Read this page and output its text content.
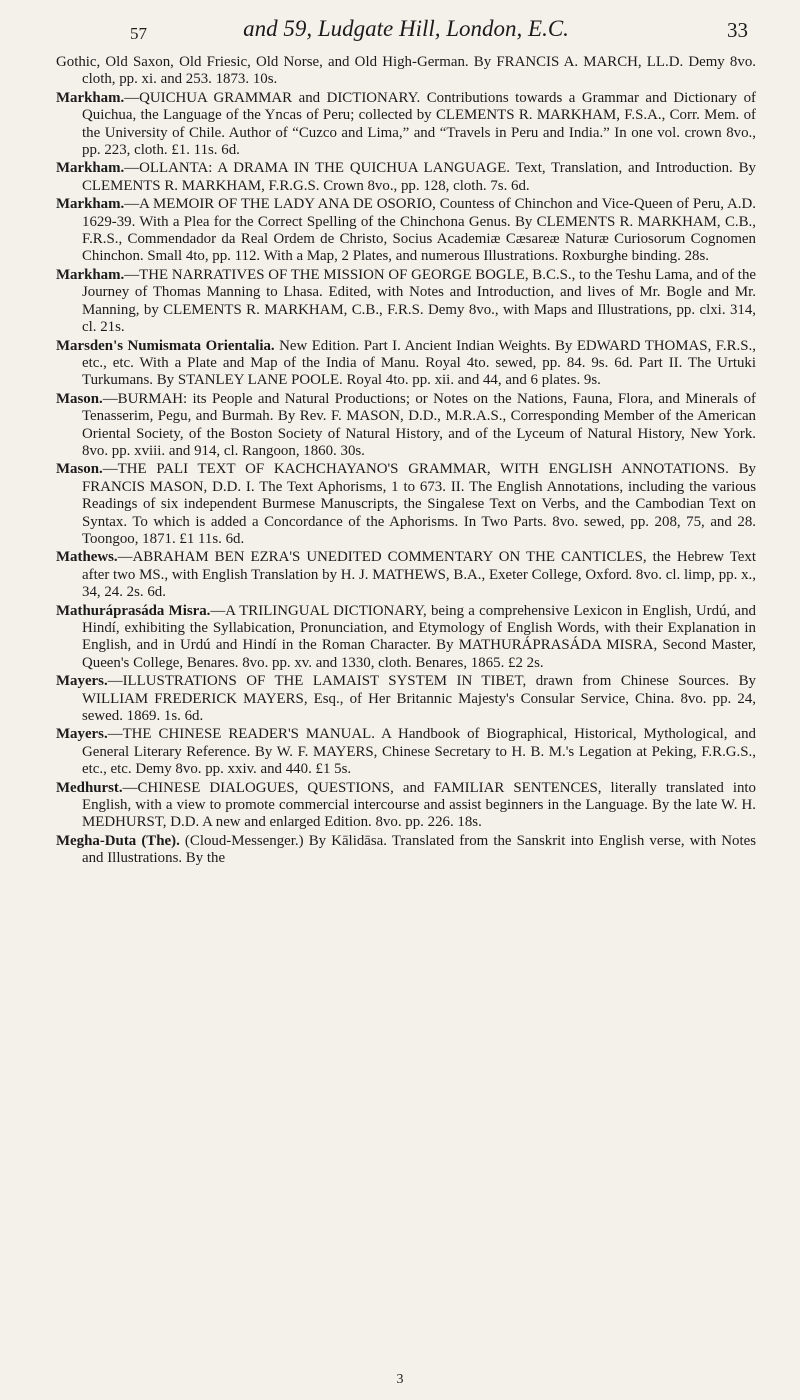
57	and 59, Ludgate Hill, London, E.C.	33

Gothic, Old Saxon, Old Friesic, Old Norse, and Old High-German. By FRANCIS A. MARCH, LL.D. Demy 8vo. cloth, pp. xi. and 253. 1873. 10s.

Markham.—QUICHUA GRAMMAR and DICTIONARY. Contributions towards a Grammar and Dictionary of Quichua, the Language of the Yncas of Peru; collected by CLEMENTS R. MARKHAM, F.S.A., Corr. Mem. of the University of Chile. Author of “Cuzco and Lima,” and “Travels in Peru and India.” In one vol. crown 8vo., pp. 223, cloth. £1. 11s. 6d.

Markham.—OLLANTA: A DRAMA IN THE QUICHUA LANGUAGE. Text, Translation, and Introduction. By CLEMENTS R. MARKHAM, F.R.G.S. Crown 8vo., pp. 128, cloth. 7s. 6d.

Markham.—A MEMOIR OF THE LADY ANA DE OSORIO, Countess of Chinchon and Vice-Queen of Peru, A.D. 1629-39. With a Plea for the Correct Spelling of the Chinchona Genus. By CLEMENTS R. MARKHAM, C.B., F.R.S., Commendador da Real Ordem de Christo, Socius Academiæ Cæsareæ Naturæ Curiosorum Cognomen Chinchon. Small 4to, pp. 112. With a Map, 2 Plates, and numerous Illustrations. Roxburghe binding. 28s.

Markham.—THE NARRATIVES OF THE MISSION OF GEORGE BOGLE, B.C.S., to the Teshu Lama, and of the Journey of Thomas Manning to Lhasa. Edited, with Notes and Introduction, and lives of Mr. Bogle and Mr. Manning, by CLEMENTS R. MARKHAM, C.B., F.R.S. Demy 8vo., with Maps and Illustrations, pp. clxi. 314, cl. 21s.

Marsden's Numismata Orientalia. New Edition. Part I. Ancient Indian Weights. By EDWARD THOMAS, F.R.S., etc., etc. With a Plate and Map of the India of Manu. Royal 4to. sewed, pp. 84. 9s. 6d. Part II. The Urtuki Turkumans. By STANLEY LANE POOLE. Royal 4to. pp. xii. and 44, and 6 plates. 9s.

Mason.—BURMAH: its People and Natural Productions; or Notes on the Nations, Fauna, Flora, and Minerals of Tenasserim, Pegu, and Burmah. By Rev. F. MASON, D.D., M.R.A.S., Corresponding Member of the American Oriental Society, of the Boston Society of Natural History, and of the Lyceum of Natural History, New York. 8vo. pp. xviii. and 914, cl. Rangoon, 1860. 30s.

Mason.—THE PALI TEXT OF KACHCHAYANO'S GRAMMAR, WITH ENGLISH ANNOTATIONS. By FRANCIS MASON, D.D. I. The Text Aphorisms, 1 to 673. II. The English Annotations, including the various Readings of six independent Burmese Manuscripts, the Singalese Text on Verbs, and the Cambodian Text on Syntax. To which is added a Concordance of the Aphorisms. In Two Parts. 8vo. sewed, pp. 208, 75, and 28. Toongoo, 1871. £1 11s. 6d.

Mathews.—ABRAHAM BEN EZRA'S UNEDITED COMMENTARY ON THE CANTICLES, the Hebrew Text after two MS., with English Translation by H. J. MATHEWS, B.A., Exeter College, Oxford. 8vo. cl. limp, pp. x., 34, 24. 2s. 6d.

Mathuráprasáda Misra.—A TRILINGUAL DICTIONARY, being a comprehensive Lexicon in English, Urdú, and Hindí, exhibiting the Syllabication, Pronunciation, and Etymology of English Words, with their Explanation in English, and in Urdú and Hindí in the Roman Character. By MATHURÁPRASÁDA MISRA, Second Master, Queen's College, Benares. 8vo. pp. xv. and 1330, cloth. Benares, 1865. £2 2s.

Mayers.—ILLUSTRATIONS OF THE LAMAIST SYSTEM IN TIBET, drawn from Chinese Sources. By WILLIAM FREDERICK MAYERS, Esq., of Her Britannic Majesty's Consular Service, China. 8vo. pp. 24, sewed. 1869. 1s. 6d.

Mayers.—THE CHINESE READER'S MANUAL. A Handbook of Biographical, Historical, Mythological, and General Literary Reference. By W. F. MAYERS, Chinese Secretary to H. B. M.'s Legation at Peking, F.R.G.S., etc., etc. Demy 8vo. pp. xxiv. and 440. £1 5s.

Medhurst.—CHINESE DIALOGUES, QUESTIONS, and FAMILIAR SENTENCES, literally translated into English, with a view to promote commercial intercourse and assist beginners in the Language. By the late W. H. MEDHURST, D.D. A new and enlarged Edition. 8vo. pp. 226. 18s.

Megha-Duta (The). (Cloud-Messenger.) By Kālidāsa. Translated from the Sanskrit into English verse, with Notes and Illustrations. By the

3
